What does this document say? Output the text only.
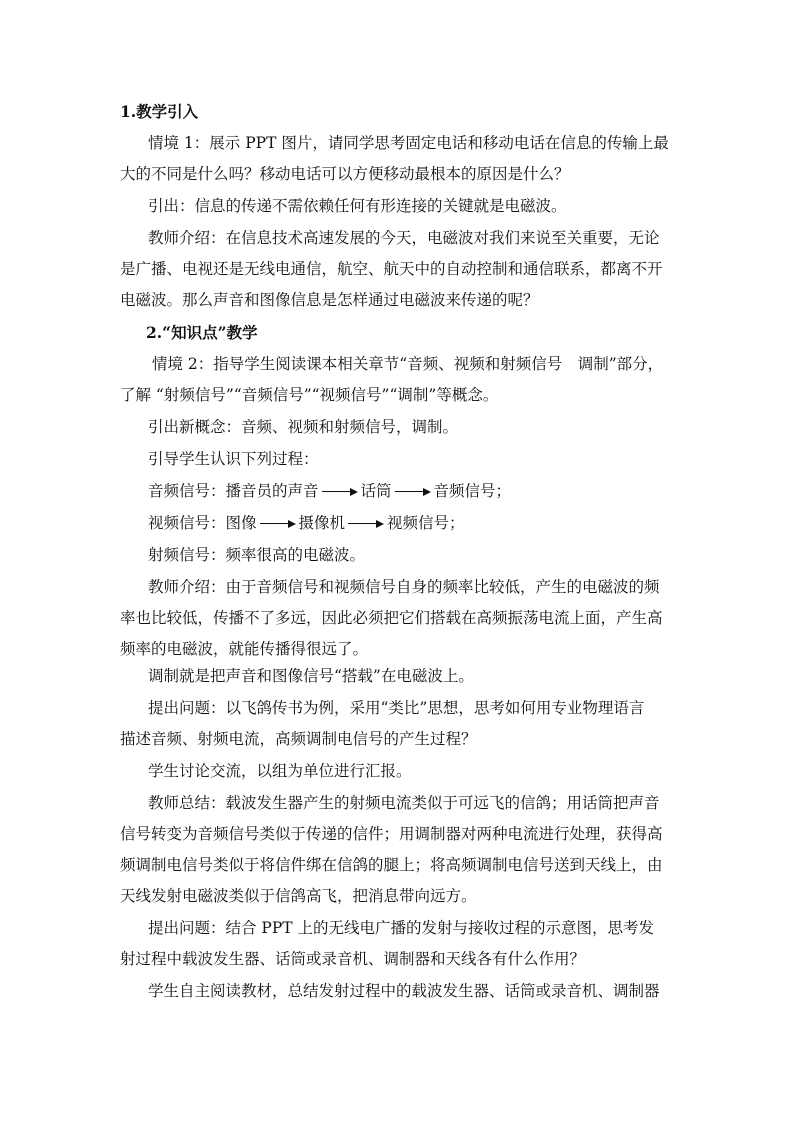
1.教学引入

情境 1：展示 PPT 图片，请同学思考固定电话和移动电话在信息的传输上最

大的不同是什么吗？移动电话可以方便移动最根本的原因是什么？

引出：信息的传递不需依赖任何有形连接的关键就是电磁波。

教师介绍：在信息技术高速发展的今天，电磁波对我们来说至关重要，无论

是广播、电视还是无线电通信，航空、航天中的自动控制和通信联系，都离不开

电磁波。那么声音和图像信息是怎样通过电磁波来传递的呢？

2.“知识点”教学

情境 2：指导学生阅读课本相关章节“音频、视频和射频信号　调制”部分，

了解 “射频信号”“音频信号”“视频信号”“调制”等概念。

引出新概念：音频、视频和射频信号，调制。

引导学生认识下列过程：

音频信号：播音员的声音	话筒	音频信号；

视频信号：图像	摄像机	视频信号；

射频信号：频率很高的电磁波。

教师介绍：由于音频信号和视频信号自身的频率比较低，产生的电磁波的频

率也比较低，传播不了多远，因此必须把它们搭载在高频振荡电流上面，产生高

频率的电磁波，就能传播得很远了。

调制就是把声音和图像信号“搭载”在电磁波上。

提出问题：以飞鸽传书为例，采用“类比”思想，思考如何用专业物理语言

描述音频、射频电流，高频调制电信号的产生过程？

学生讨论交流，以组为单位进行汇报。

教师总结：载波发生器产生的射频电流类似于可远飞的信鸽；用话筒把声音

信号转变为音频信号类似于传递的信件；用调制器对两种电流进行处理，获得高

频调制电信号类似于将信件绑在信鸽的腿上；将高频调制电信号送到天线上，由

天线发射电磁波类似于信鸽高飞，把消息带向远方。

提出问题：结合 PPT 上的无线电广播的发射与接收过程的示意图，思考发

射过程中载波发生器、话筒或录音机、调制器和天线各有什么作用？

学生自主阅读教材，总结发射过程中的载波发生器、话筒或录音机、调制器
